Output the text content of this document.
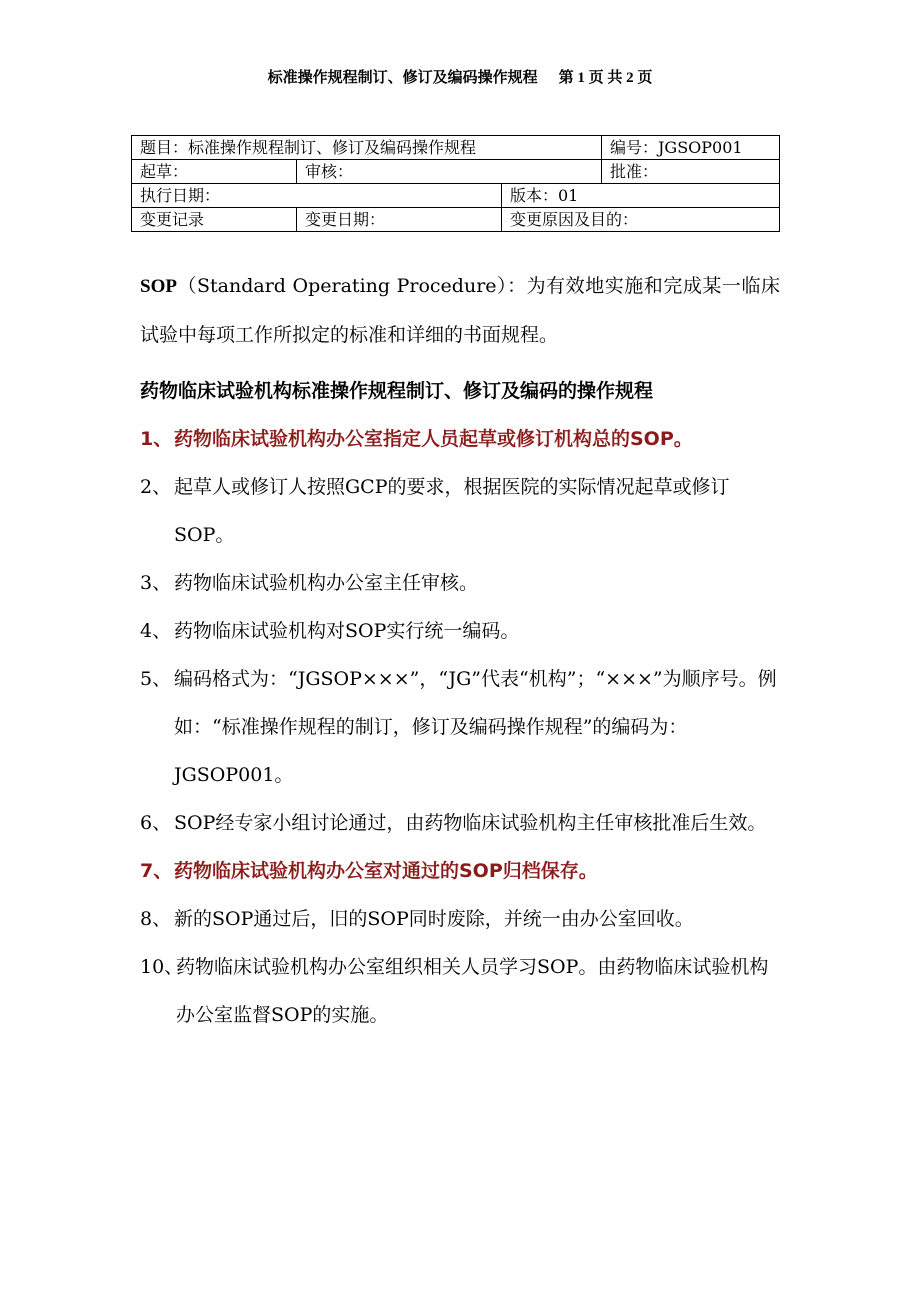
标准操作规程制订、修订及编码操作规程 第 1 页 共 2 页
题目：标准操作规程制订、修订及编码操作规程			编号：JGSOP001
起草：	审核：		批准：
执行日期：		版本：01	
变更记录	变更日期：	变更原因及目的：	

SOP（Standard Operating Procedure）：为有效地实施和完成某一临床试验中每项工作所拟定的标准和详细的书面规程。

药物临床试验机构标准操作规程制订、修订及编码的操作规程
1、 药物临床试验机构办公室指定人员起草或修订机构总的SOP。
2、 起草人或修订人按照GCP的要求，根据医院的实际情况起草或修订SOP。
3、 药物临床试验机构办公室主任审核。
4、 药物临床试验机构对SOP实行统一编码。
5、 编码格式为：“JGSOP×××”，“JG”代表“机构”；“×××”为顺序号。例如：“标准操作规程的制订，修订及编码操作规程”的编码为：JGSOP001。
6、 SOP经专家小组讨论通过，由药物临床试验机构主任审核批准后生效。
7、 药物临床试验机构办公室对通过的SOP归档保存。
8、 新的SOP通过后，旧的SOP同时废除，并统一由办公室回收。
10、
药物临床试验机构办公室组织相关人员学习SOP。由药物临床试验机构办公室监督SOP的实施。
